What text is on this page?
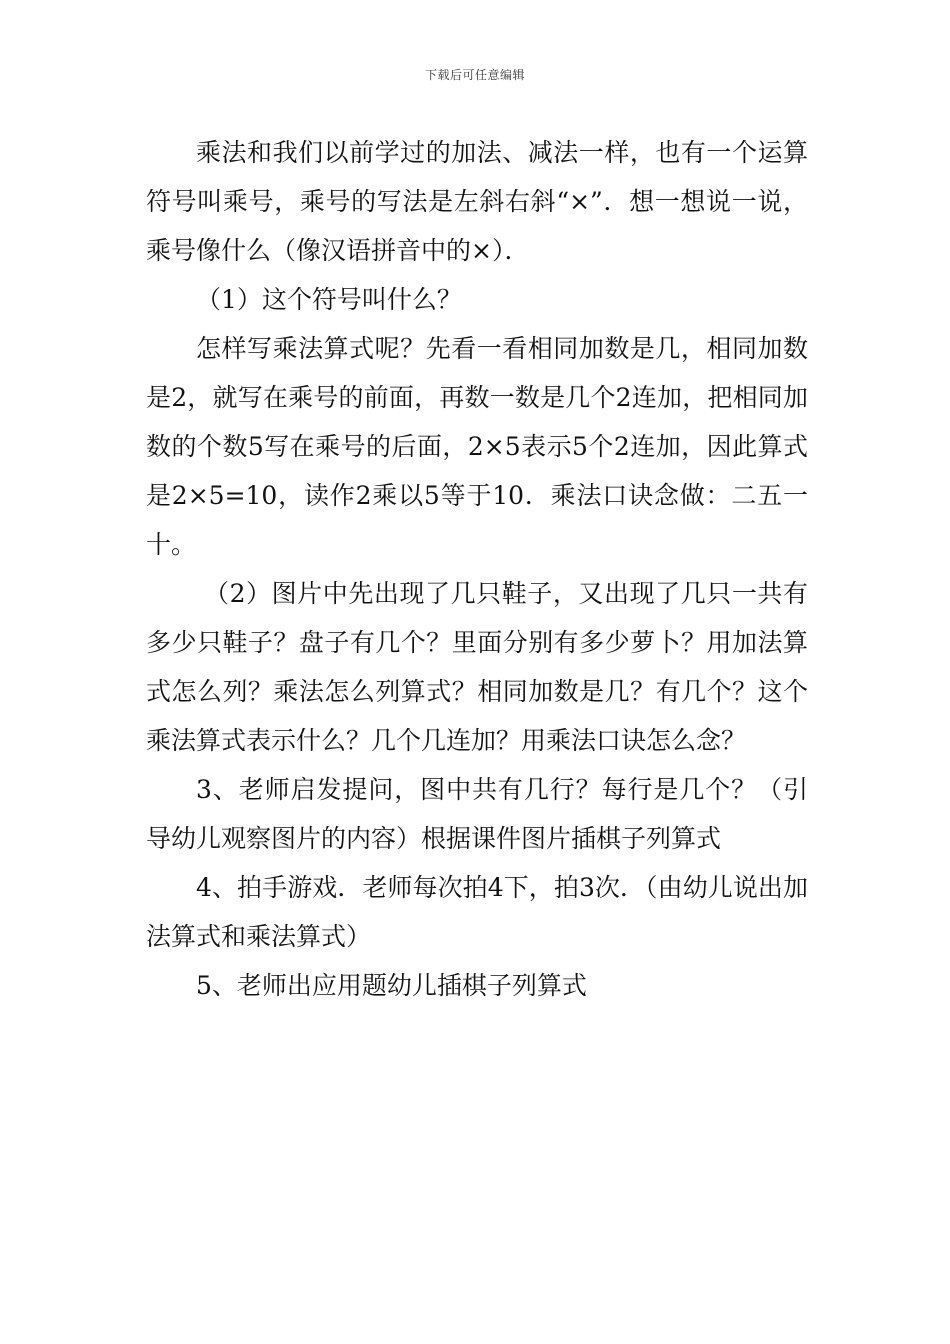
下载后可任意编辑

乘法和我们以前学过的加法、减法一样，也有一个运算符号叫乘号，乘号的写法是左斜右斜“×”．想一想说一说，乘号像什么（像汉语拼音中的×）．

（1）这个符号叫什么？

怎样写乘法算式呢？先看一看相同加数是几，相同加数是2，就写在乘号的前面，再数一数是几个2连加，把相同加数的个数5写在乘号的后面，2×5表示5个2连加，因此算式是2×5=10，读作2乘以5等于10．乘法口诀念做：二五一十。

（2）图片中先出现了几只鞋子，又出现了几只一共有多少只鞋子？盘子有几个？里面分别有多少萝卜？用加法算式怎么列？乘法怎么列算式？相同加数是几？有几个？这个乘法算式表示什么？几个几连加？用乘法口诀怎么念？

3、老师启发提问，图中共有几行？每行是几个？（引导幼儿观察图片的内容）根据课件图片插棋子列算式

4、拍手游戏．老师每次拍4下，拍3次．（由幼儿说出加法算式和乘法算式）

5、老师出应用题幼儿插棋子列算式
